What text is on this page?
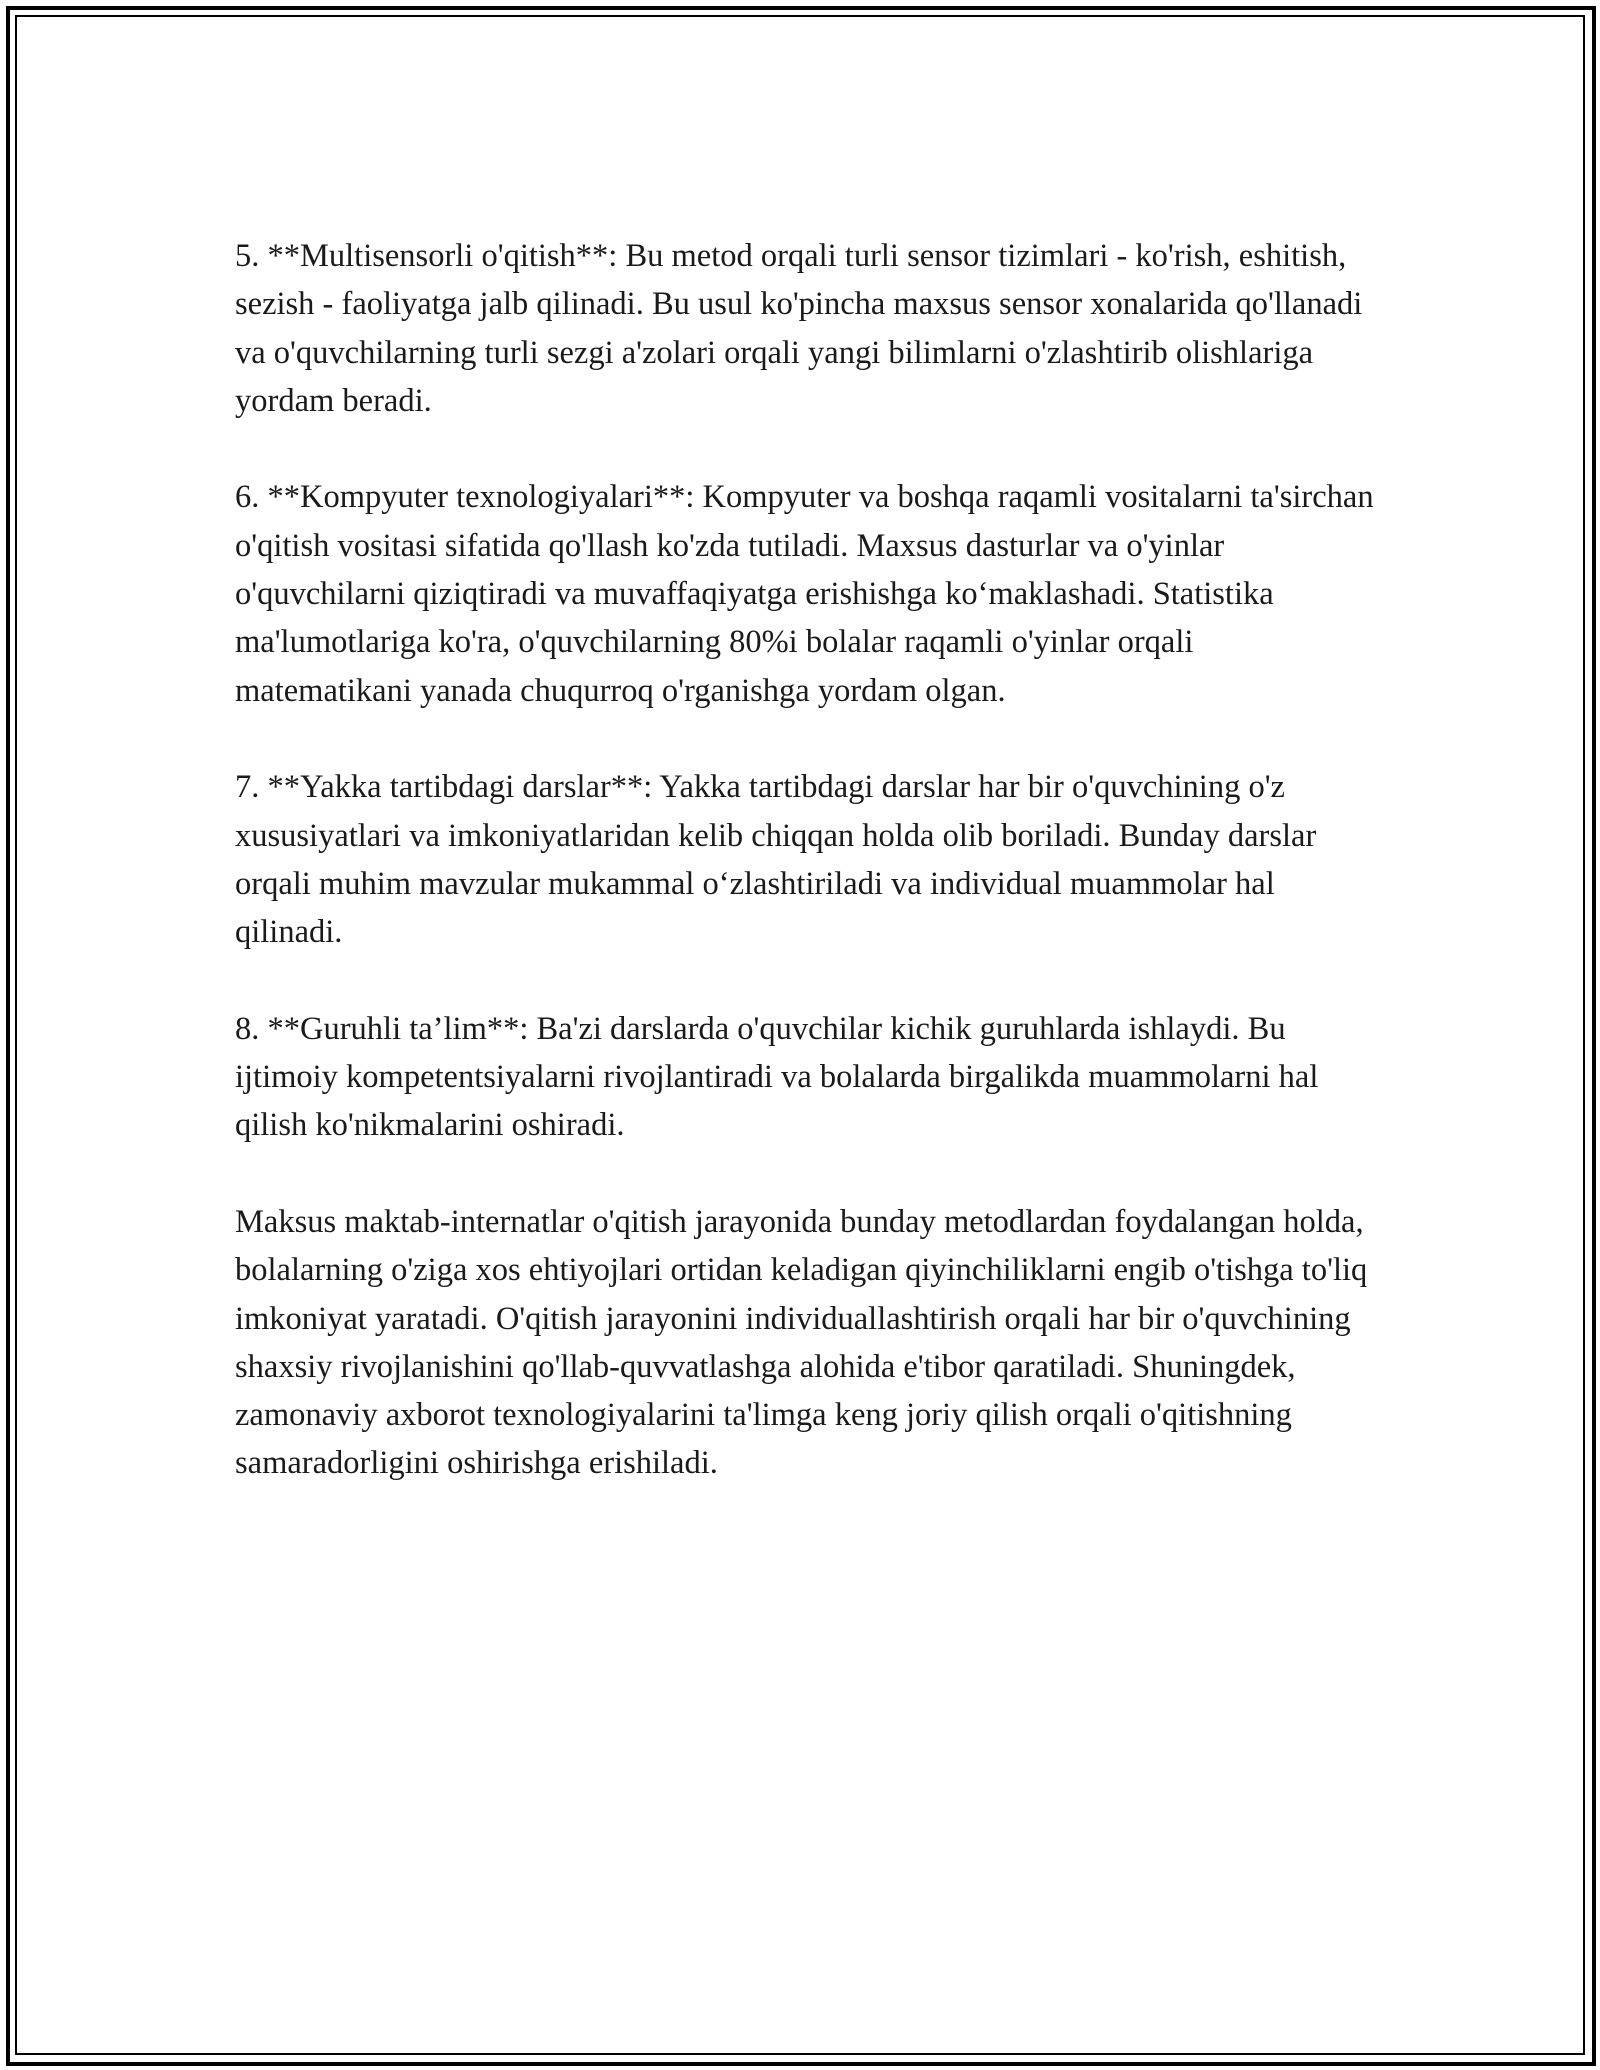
5. **Multisensorli o'qitish**: Bu metod orqali turli sensor tizimlari - ko'rish, eshitish, sezish - faoliyatga jalb qilinadi. Bu usul ko'pincha maxsus sensor xonalarida qo'llanadi va o'quvchilarning turli sezgi a'zolari orqali yangi bilimlarni o'zlashtirib olishlariga yordam beradi.

6. **Kompyuter texnologiyalari**: Kompyuter va boshqa raqamli vositalarni ta'sirchan o'qitish vositasi sifatida qo'llash ko'zda tutiladi. Maxsus dasturlar va o'yinlar o'quvchilarni qiziqtiradi va muvaffaqiyatga erishishga ko‘maklashadi. Statistika ma'lumotlariga ko'ra, o'quvchilarning 80%i bolalar raqamli o'yinlar orqali matematikani yanada chuqurroq o'rganishga yordam olgan.

7. **Yakka tartibdagi darslar**: Yakka tartibdagi darslar har bir o'quvchining o'z xususiyatlari va imkoniyatlaridan kelib chiqqan holda olib boriladi. Bunday darslar orqali muhim mavzular mukammal o‘zlashtiriladi va individual muammolar hal qilinadi.

8. **Guruhli ta’lim**: Ba'zi darslarda o'quvchilar kichik guruhlarda ishlaydi. Bu ijtimoiy kompetentsiyalarni rivojlantiradi va bolalarda birgalikda muammolarni hal qilish ko'nikmalarini oshiradi.

Maksus maktab-internatlar o'qitish jarayonida bunday metodlardan foydalangan holda, bolalarning o'ziga xos ehtiyojlari ortidan keladigan qiyinchiliklarni engib o'tishga to'liq imkoniyat yaratadi. O'qitish jarayonini individuallashtirish orqali har bir o'quvchining shaxsiy rivojlanishini qo'llab-quvvatlashga alohida e'tibor qaratiladi. Shuningdek, zamonaviy axborot texnologiyalarini ta'limga keng joriy qilish orqali o'qitishning samaradorligini oshirishga erishiladi.
